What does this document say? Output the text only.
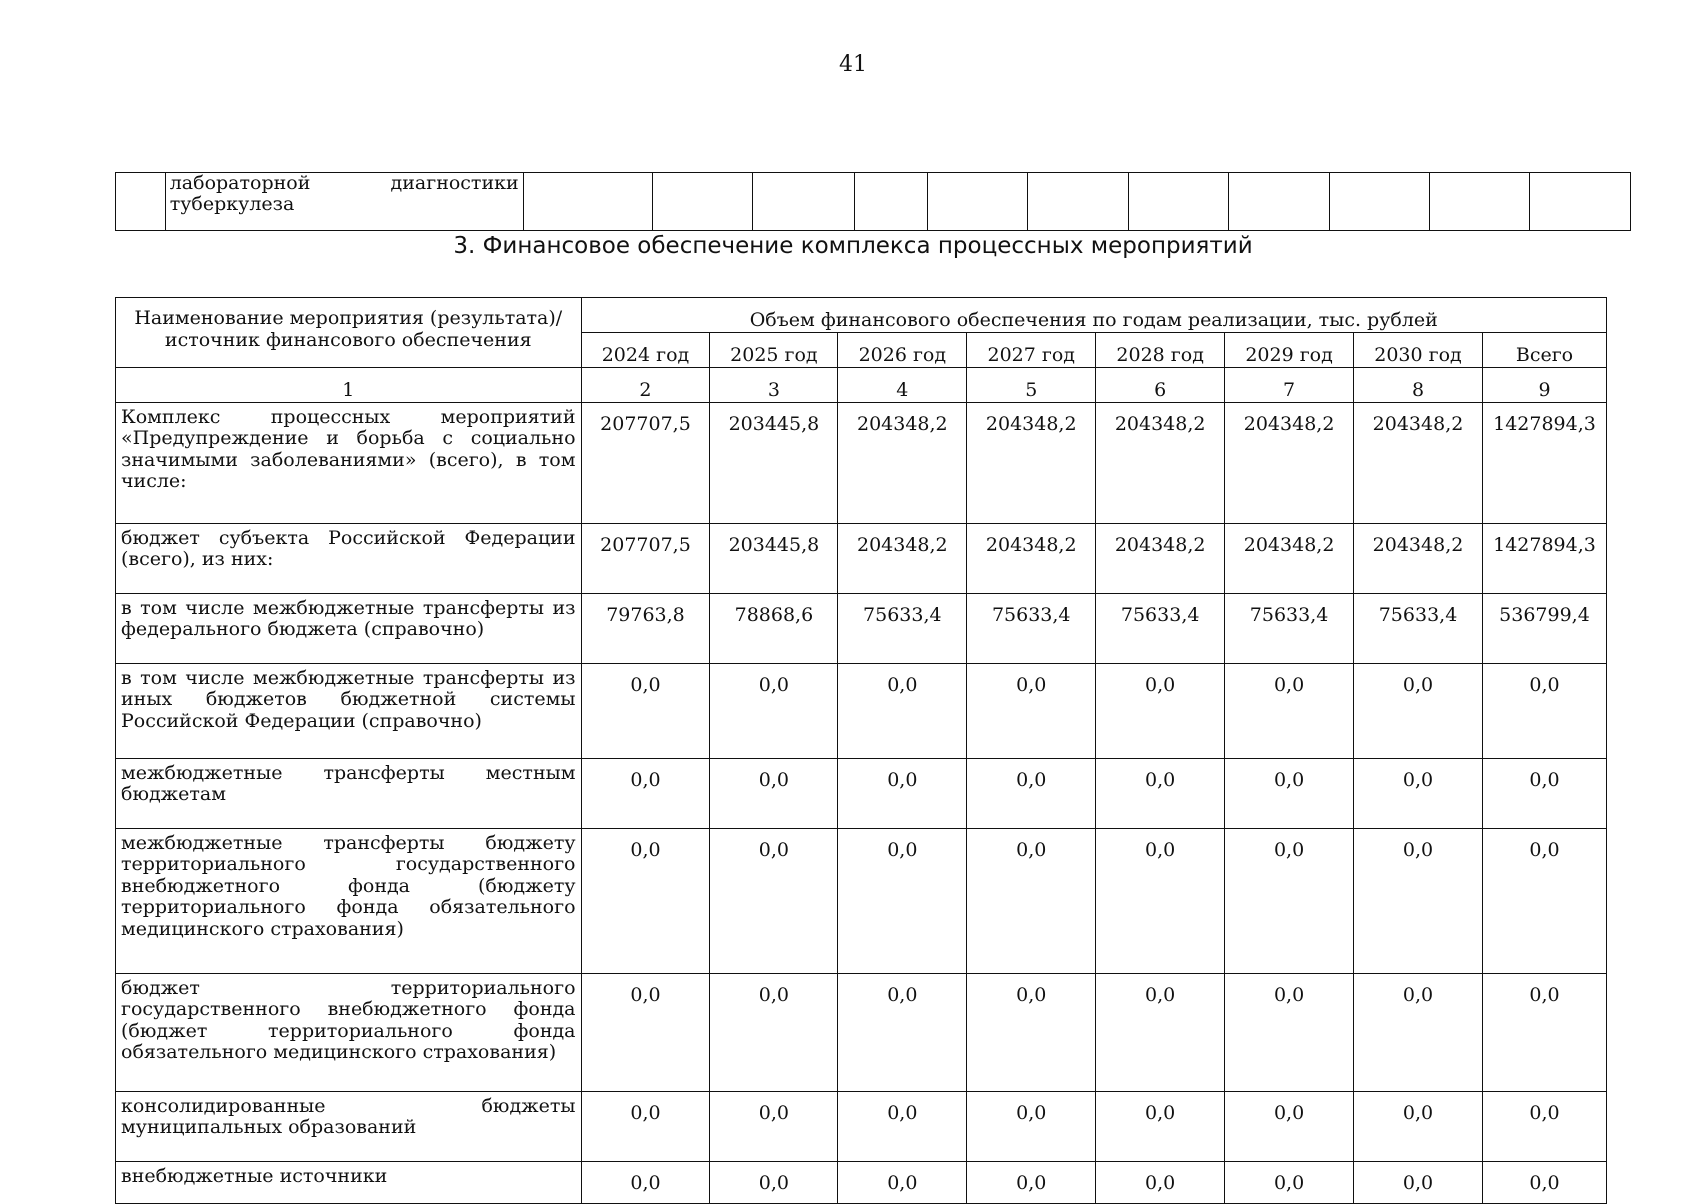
41
	лабораторной диагностики туберкулеза											
3. Финансовое обеспечение комплекса процессных мероприятий
Наименование мероприятия (результата)/ источник финансового обеспечения	Объем финансового обеспечения по годам реализации, тыс. рублей							
	2024 год	2025 год	2026 год	2027 год	2028 год	2029 год	2030 год	Всего
1	2	3	4	5	6	7	8	9
Комплекс процессных мероприятий «Предупреждение и борьба с социально значимыми заболеваниями» (всего), в том числе:	207707,5	203445,8	204348,2	204348,2	204348,2	204348,2	204348,2	1427894,3
бюджет субъекта Российской Федерации (всего), из них:	207707,5	203445,8	204348,2	204348,2	204348,2	204348,2	204348,2	1427894,3
в том числе межбюджетные трансферты из федерального бюджета (справочно)	79763,8	78868,6	75633,4	75633,4	75633,4	75633,4	75633,4	536799,4
в том числе межбюджетные трансферты из иных бюджетов бюджетной системы Российской Федерации (справочно)	0,0	0,0	0,0	0,0	0,0	0,0	0,0	0,0
межбюджетные трансферты местным бюджетам	0,0	0,0	0,0	0,0	0,0	0,0	0,0	0,0
межбюджетные трансферты бюджету территориального государственного внебюджетного фонда (бюджету территориального фонда обязательного медицинского страхования)	0,0	0,0	0,0	0,0	0,0	0,0	0,0	0,0
бюджет территориального государственного внебюджетного фонда (бюджет территориального фонда обязательного медицинского страхования)	0,0	0,0	0,0	0,0	0,0	0,0	0,0	0,0
консолидированные бюджеты муниципальных образований	0,0	0,0	0,0	0,0	0,0	0,0	0,0	0,0
внебюджетные источники	0,0	0,0	0,0	0,0	0,0	0,0	0,0	0,0
